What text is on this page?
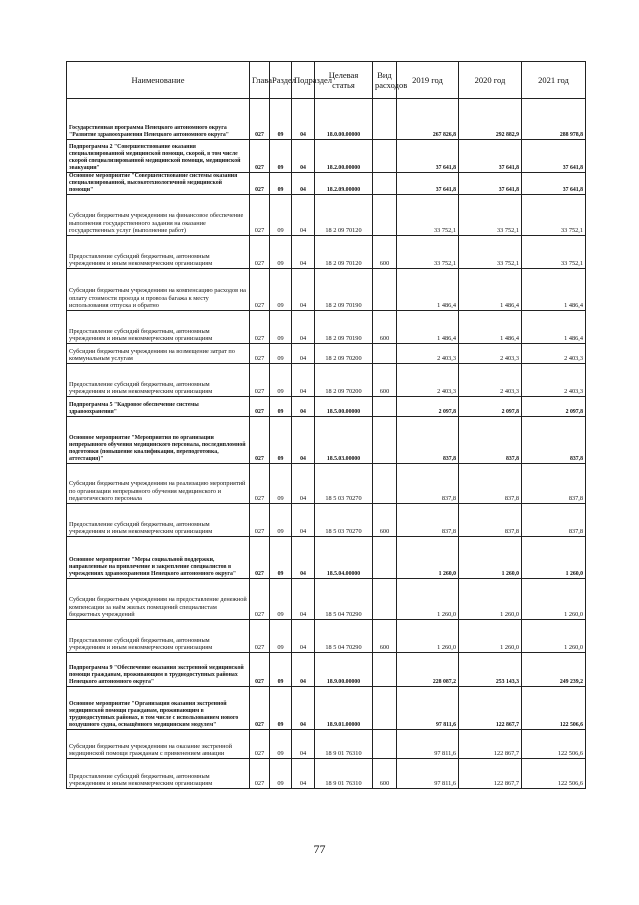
Наименование	Глава	Раздел	Подраздел	Целевая статья	Вид расходов	2019 год	2020 год	2021 год
Государственная программа Ненецкого автономного округа "Развитие здравоохранения Ненецкого автономного округа"	027	09	04	18.0.00.00000		267 826,8	292 882,9	288 978,8
Подпрограмма 2 "Совершенствование оказания специализированной медицинской помощи, скорой, в том числе скорой специализированной медицинской помощи, медицинской эвакуации"	027	09	04	18.2.00.00000		37 641,8	37 641,8	37 641,8
Основное мероприятие "Совершенствование системы оказания специализированной, высокотехнологичной медицинской помощи"	027	09	04	18.2.09.00000		37 641,8	37 641,8	37 641,8
Субсидии бюджетным учреждениям на финансовое обеспечение выполнения государственного задания на оказание государственных услуг (выполнение работ)	027	09	04	18 2 09 70120		33 752,1	33 752,1	33 752,1
Предоставление субсидий бюджетным, автономным учреждениям и иным некоммерческим организациям	027	09	04	18 2 09 70120	600	33 752,1	33 752,1	33 752,1
Субсидии бюджетным учреждениям на компенсацию расходов на оплату стоимости проезда и провоза багажа к месту использования отпуска и обратно	027	09	04	18 2 09 70190		1 486,4	1 486,4	1 486,4
Предоставление субсидий бюджетным, автономным учреждениям и иным некоммерческим организациям	027	09	04	18 2 09 70190	600	1 486,4	1 486,4	1 486,4
Субсидии бюджетным учреждениям на возмещение затрат по коммунальным услугам	027	09	04	18 2 09 70200		2 403,3	2 403,3	2 403,3
Предоставление субсидий бюджетным, автономным учреждениям и иным некоммерческим организациям	027	09	04	18 2 09 70200	600	2 403,3	2 403,3	2 403,3
Подпрограмма 5 "Кадровое обеспечение системы здравоохранения"	027	09	04	18.5.00.00000		2 097,8	2 097,8	2 097,8
Основное мероприятие "Мероприятия по организации непрерывного обучения медицинского персонала, последипломной подготовки (повышение квалификации, переподготовка, аттестация)"	027	09	04	18.5.03.00000		837,8	837,8	837,8
Субсидии бюджетным учреждениям на реализацию мероприятий по организации непрерывного обучения медицинского и педагогического персонала	027	09	04	18 5 03 70270		837,8	837,8	837,8
Предоставление субсидий бюджетным, автономным учреждениям и иным некоммерческим организациям	027	09	04	18 5 03 70270	600	837,8	837,8	837,8
Основное мероприятие "Меры социальной поддержки, направленные на привлечение и закрепление специалистов в учреждениях здравоохранения Ненецкого автономного округа"	027	09	04	18.5.04.00000		1 260,0	1 260,0	1 260,0
Субсидии бюджетным учреждениям на предоставление денежной компенсации за наём жилых помещений специалистам бюджетных учреждений	027	09	04	18 5 04 70290		1 260,0	1 260,0	1 260,0
Предоставление субсидий бюджетным, автономным учреждениям и иным некоммерческим организациям	027	09	04	18 5 04 70290	600	1 260,0	1 260,0	1 260,0
Подпрограмма 9 "Обеспечение оказания экстренной медицинской помощи гражданам, проживающим в труднодоступных районах Ненецкого автономного округа"	027	09	04	18.9.00.00000		228 087,2	253 143,3	249 239,2
Основное мероприятие "Организация оказания экстренной медицинской помощи гражданам, проживающим в труднодоступных районах, в том числе с использованием нового воздушного судна, оснащённого медицинским модулем"	027	09	04	18.9.01.00000		97 811,6	122 867,7	122 506,6
Субсидии бюджетным учреждениям на оказание экстренной медицинской помощи гражданам с применением авиации	027	09	04	18 9 01 76310		97 811,6	122 867,7	122 506,6
Предоставление субсидий бюджетным, автономным учреждениям и иным некоммерческим организациям	027	09	04	18 9 01 76310	600	97 811,6	122 867,7	122 506,6
77
